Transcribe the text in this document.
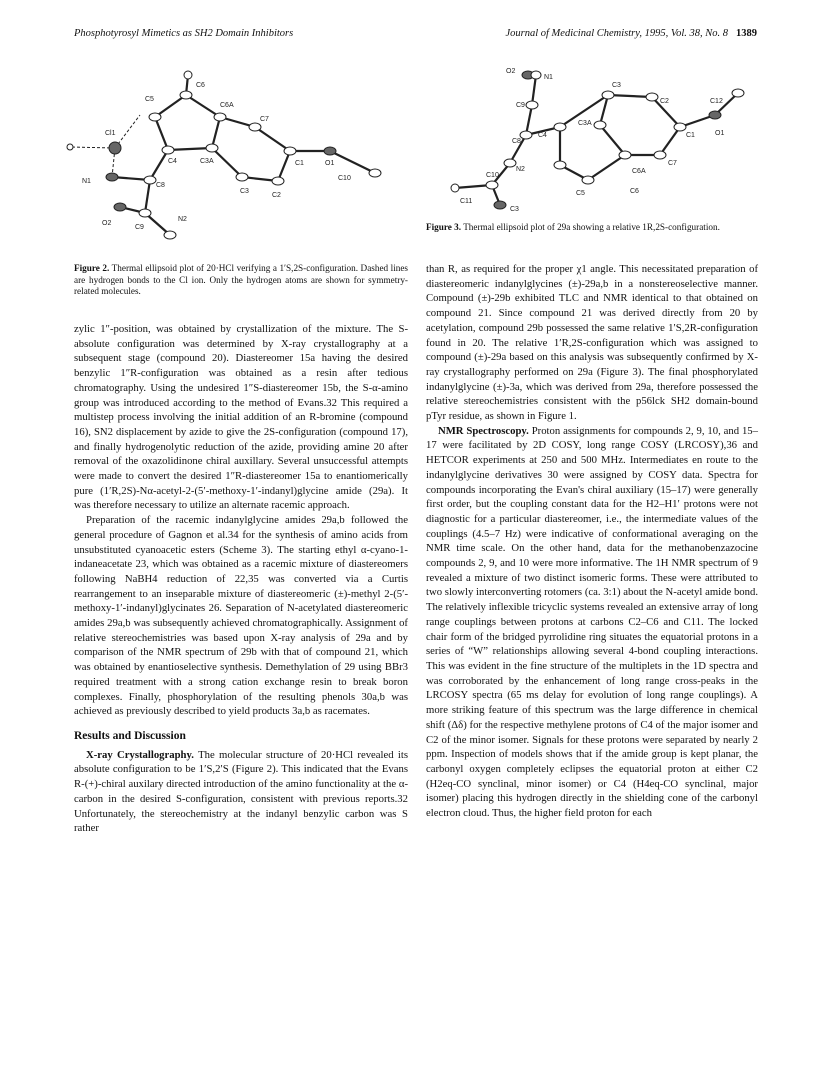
Phosphotyrosyl Mimetics as SH2 Domain Inhibitors	Journal of Medicinal Chemistry, 1995, Vol. 38, No. 8 1389
C6
C5
C6A
C7
Cl1
C4	C3A	C1	O1
N1
C8
C3
C2
C10
O2
C9
N2
Figure 2. Thermal ellipsoid plot of 20·HCl verifying a 1′S,2S-configuration. Dashed lines are hydrogen bonds to the Cl ion. Only the hydrogen atoms are shown for symmetry-related molecules.
O2
N1
C9
C3
C2	C12
C3A
C8
C4	C1	O1
N2	C6A
C7
C10
C5	C6
C11
C3
Figure 3. Thermal ellipsoid plot of 29a showing a relative 1R,2S-configuration.

zylic 1″-position, was obtained by crystallization of the mixture. The S-absolute configuration was determined by X-ray crystallography at a subsequent stage (compound 20). Diastereomer 15a having the desired benzylic 1″R-configuration was obtained as a resin after tedious chromatography. Using the undesired 1″S-diastereomer 15b, the S-α-amino group was introduced according to the method of Evans.32 This required a multistep process involving the initial addition of an R-bromine (compound 16), SN2 displacement by azide to give the 2S-configuration (compound 17), and finally hydrogenolytic reduction of the azide, providing amine 20 after removal of the oxazolidinone chiral auxillary. Several unsuccessful attempts were made to convert the desired 1″R-diastereomer 15a to enantiomerically pure (1′R,2S)-Nα-acetyl-2-(5′-methoxy-1′-indanyl)glycine amide (29a). It was therefore necessary to utilize an alternate racemic approach.

Preparation of the racemic indanylglycine amides 29a,b followed the general procedure of Gagnon et al.34 for the synthesis of amino acids from unsubstituted cyanoacetic esters (Scheme 3). The starting ethyl α-cyano-1-indaneacetate 23, which was obtained as a racemic mixture of diastereomers following NaBH4 reduction of 22,35 was converted via a Curtis rearrangement to an inseparable mixture of diastereomeric (±)-methyl 2-(5′-methoxy-1′-indanyl)glycinates 26. Separation of N-acetylated diastereomeric amides 29a,b was subsequently achieved chromatographically. Assignment of relative stereochemistries was based upon X-ray analysis of 29a and by comparison of the NMR spectrum of 29b with that of compound 21, which was obtained by enantioselective synthesis. Demethylation of 29 using BBr3 required treatment with a strong cation exchange resin to break boron complexes. Finally, phosphorylation of the resulting phenols 30a,b was achieved as previously described to yield products 3a,b as racemates.

Results and Discussion

X-ray Crystallography. The molecular structure of 20·HCl revealed its absolute configuration to be 1′S,2′S (Figure 2). This indicated that the Evans R-(+)-chiral auxilary directed introduction of the amino functionality at the α-carbon in the desired S-configuration, consistent with previous reports.32 Unfortunately, the stereochemistry at the indanyl benzylic carbon was S rather

than R, as required for the proper χ1 angle. This necessitated preparation of diastereomeric indanylglycines (±)-29a,b in a nonstereoselective manner. Compound (±)-29b exhibited TLC and NMR identical to that obtained on compound 21. Since compound 21 was derived directly from 20 by acetylation, compound 29b possessed the same relative 1′S,2R-configuration found in 20. The relative 1′R,2S-configuration which was assigned to compound (±)-29a based on this analysis was subsequently confirmed by X-ray crystallography performed on 29a (Figure 3). The final phosphorylated indanylglycine (±)-3a, which was derived from 29a, therefore possessed the relative stereochemistries consistent with the p56lck SH2 domain-bound pTyr residue, as shown in Figure 1.

NMR Spectroscopy. Proton assignments for compounds 2, 9, 10, and 15–17 were facilitated by 2D COSY, long range COSY (LRCOSY),36 and HETCOR experiments at 250 and 500 MHz. Intermediates en route to the indanylglycine derivatives 30 were assigned by COSY data. Spectra for compounds incorporating the Evan's chiral auxiliary (15–17) were generally first order, but the coupling constant data for the H2–H1′ protons were not diagnostic for a particular diastereomer, i.e., the intermediate values of the couplings (4.5–7 Hz) were indicative of conformational averaging on the NMR time scale. On the other hand, data for the methanobenzazocine compounds 2, 9, and 10 were more informative. The 1H NMR spectrum of 9 revealed a mixture of two distinct isomeric forms. These were attributed to two slowly interconverting rotomers (ca. 3:1) about the N-acetyl amide bond. The relatively inflexible tricyclic systems revealed an extensive array of long range couplings between protons at carbons C2–C6 and C11. The locked chair form of the bridged pyrrolidine ring situates the equatorial protons in a series of “W” relationships allowing several 4-bond coupling interactions. This was evident in the fine structure of the multiplets in the 1D spectra and was corroborated by the enhancement of long range cross-peaks in the LRCOSY spectra (65 ms delay for evolution of long range couplings). A more striking feature of this spectrum was the large difference in chemical shift (Δδ) for the respective methylene protons of C4 of the major isomer and C2 of the minor isomer. Signals for these protons were separated by nearly 2 ppm. Inspection of models shows that if the amide group is kept planar, the carbonyl oxygen completely eclipses the equatorial proton at either C2 (H2eq-CO synclinal, minor isomer) or C4 (H4eq-CO synclinal, major isomer) placing this hydrogen directly in the shielding cone of the carbonyl electron cloud. Thus, the higher field proton for each
